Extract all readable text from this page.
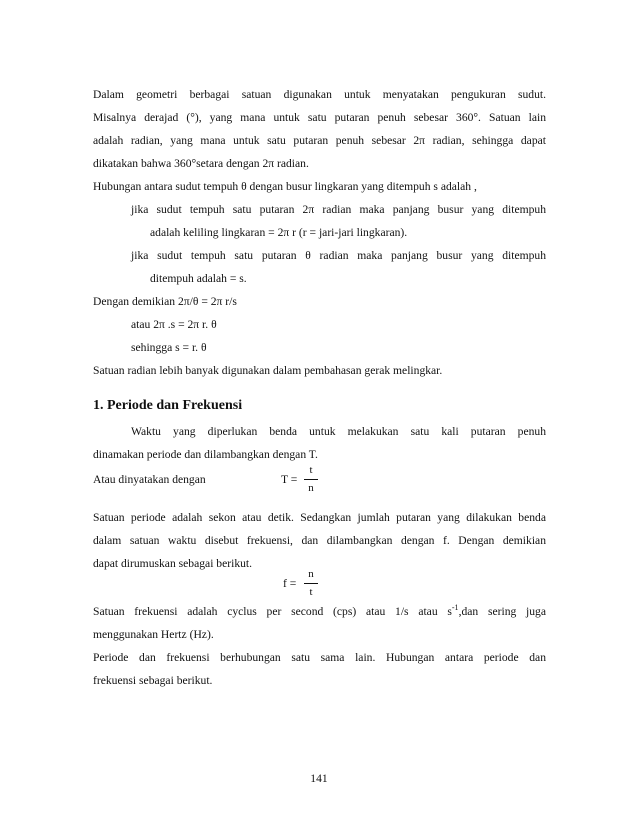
Dalam geometri berbagai satuan digunakan untuk menyatakan pengukuran sudut.
Misalnya derajad (°), yang mana untuk satu putaran penuh sebesar 360°. Satuan lain
adalah radian, yang mana untuk satu putaran penuh sebesar 2π radian, sehingga dapat
dikatakan bahwa 360°setara dengan 2π radian.
Hubungan antara sudut tempuh θ dengan busur lingkaran yang ditempuh s adalah ,
jika sudut tempuh satu putaran 2π radian maka panjang busur yang ditempuh
adalah keliling lingkaran = 2π r (r = jari-jari lingkaran).
jika sudut tempuh satu putaran θ radian maka panjang busur yang ditempuh
ditempuh adalah = s.
Dengan demikian 2π/θ = 2π r/s
atau 2π .s = 2π r. θ
sehingga s = r. θ
Satuan radian lebih banyak digunakan dalam pembahasan gerak melingkar.
1. Periode dan Frekuensi
Waktu yang diperlukan benda untuk melakukan satu kali putaran penuh
dinamakan periode dan dilambangkan dengan T.
Atau dinyatakan dengan	T =
t
n
Satuan periode adalah sekon atau detik. Sedangkan jumlah putaran yang dilakukan benda
dalam satuan waktu disebut frekuensi, dan dilambangkan dengan f. Dengan demikian
dapat dirumuskan sebagai berikut.
f =
n
t
Satuan frekuensi adalah cyclus per second (cps) atau 1/s atau $s^{-1},dan$ sering juga
menggunakan Hertz (Hz).
Periode dan frekuensi berhubungan satu sama lain. Hubungan antara periode dan
frekuensi sebagai berikut.
141
